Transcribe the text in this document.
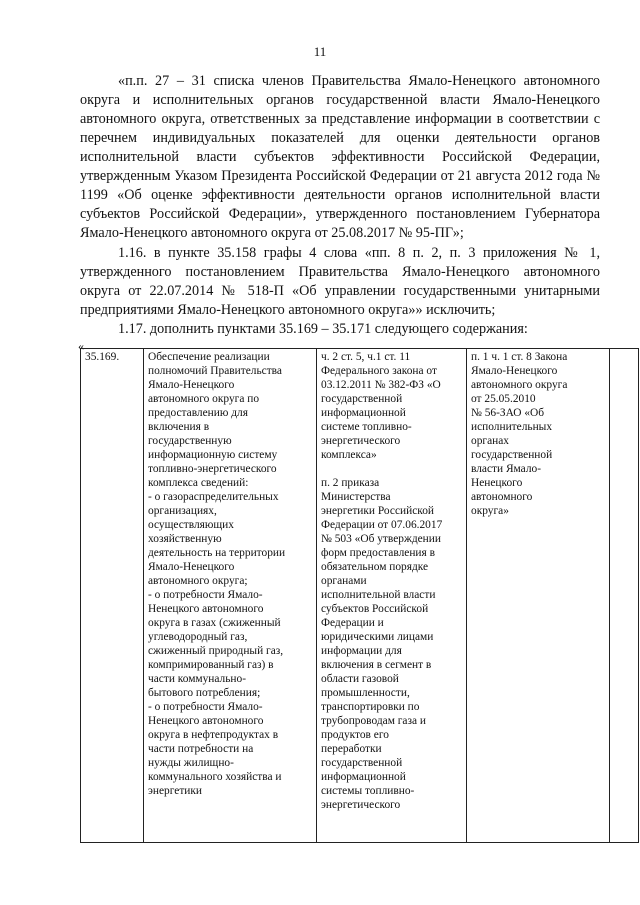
11

«п.п. 27 – 31 списка членов Правительства Ямало-Ненецкого автономного округа и исполнительных органов государственной власти Ямало-Ненецкого автономного округа, ответственных за представление информации в соответствии с перечнем индивидуальных показателей для оценки деятельности органов исполнительной власти субъектов эффективности Российской Федерации, утвержденным Указом Президента Российской Федерации от 21 августа 2012 года № 1199 «Об оценке эффективности деятельности органов исполнительной власти субъектов Российской Федерации», утвержденного постановлением Губернатора Ямало-Ненецкого автономного округа от 25.08.2017 № 95-ПГ»;

1.16. в пункте 35.158 графы 4 слова «пп. 8 п. 2, п. 3 приложения № 1, утвержденного постановлением Правительства Ямало-Ненецкого автономного округа от 22.07.2014 № 518-П «Об управлении государственными унитарными предприятиями Ямало-Ненецкого автономного округа»» исключить;

1.17. дополнить пунктами 35.169 – 35.171 следующего содержания:

«
35.169.	Обеспечение реализации
полномочий Правительства
Ямало-Ненецкого
автономного округа по
предоставлению для
включения в
государственную
информационную систему
топливно-энергетического
комплекса сведений:
- о газораспределительных
организациях,
осуществляющих
хозяйственную
деятельность на территории
Ямало-Ненецкого
автономного округа;
- о потребности Ямало-
Ненецкого автономного
округа в газах (сжиженный
углеводородный газ,
сжиженный природный газ,
компримированный газ) в
части коммунально-
бытового потребления;
- о потребности Ямало-
Ненецкого автономного
округа в нефтепродуктах в
части потребности на
нужды жилищно-
коммунального хозяйства и
энергетики

ч. 2 ст. 5, ч.1 ст. 11
Федерального закона от
03.12.2011 № 382-ФЗ «О
государственной
информационной
системе топливно-
энергетического
комплекса»
п. 2 приказа
Министерства
энергетики Российской
Федерации от 07.06.2017
№ 503 «Об утверждении
форм предоставления в
обязательном порядке
органами
исполнительной власти
субъектов Российской
Федерации и
юридическими лицами
информации для
включения в сегмент в
области газовой
промышленности,
транспортировки по
трубопроводам газа и
продуктов его
переработки
государственной
информационной
системы топливно-
энергетического

п. 1 ч. 1 ст. 8 Закона
Ямало-Ненецкого
автономного округа
от 25.05.2010
№ 56-ЗАО «Об
исполнительных
органах
государственной
власти Ямало-
Ненецкого
автономного
округа»
